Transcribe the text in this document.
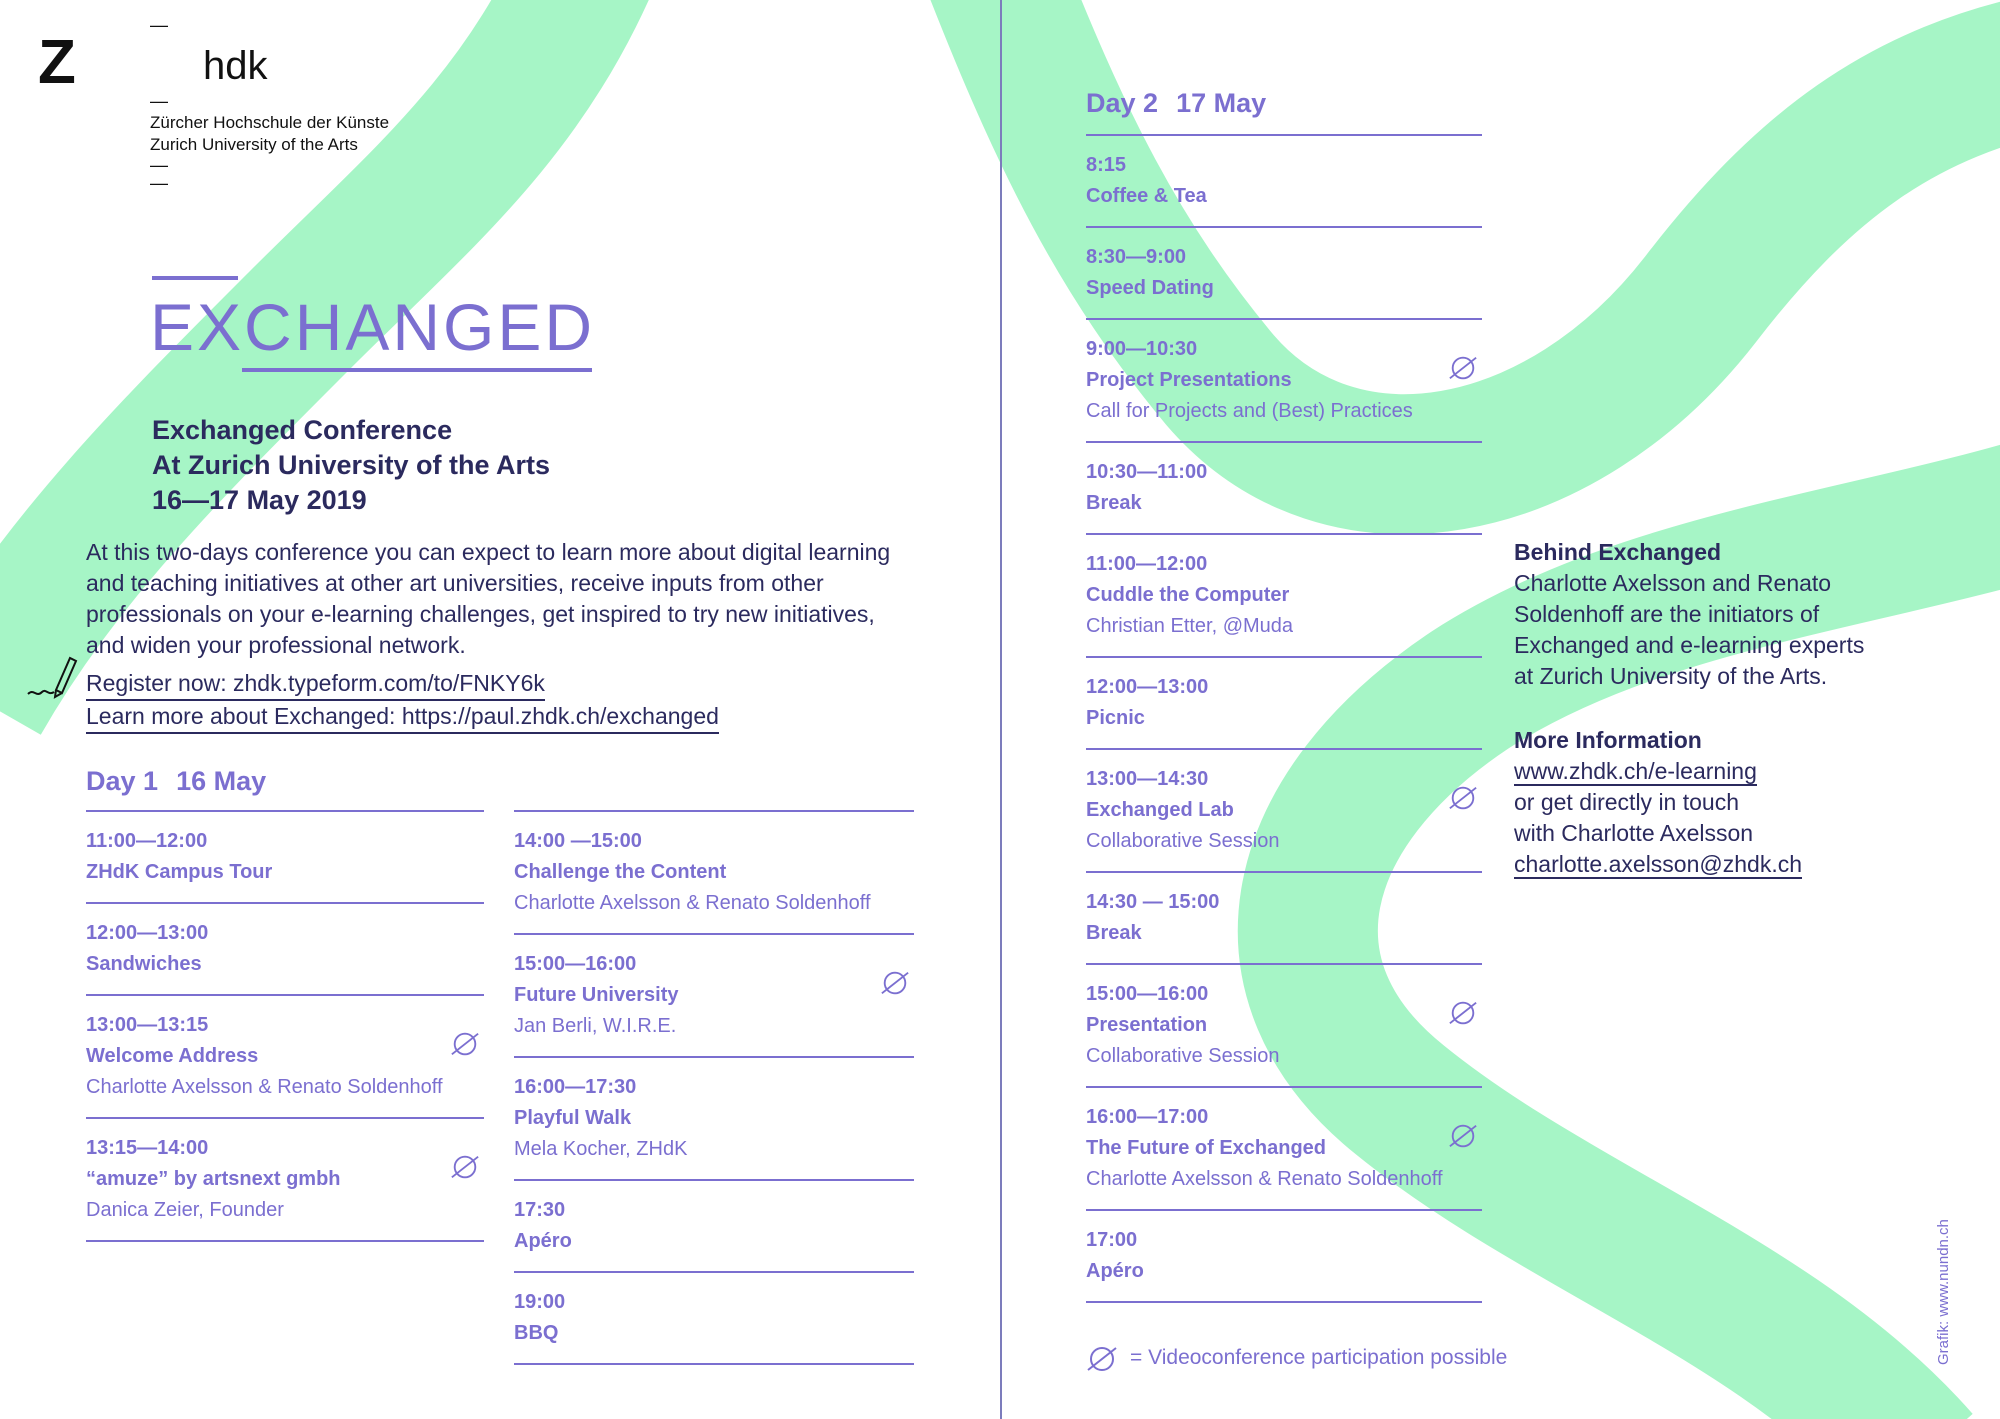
Z
—
hdk
—
Zürcher Hochschule der Künste
Zurich University of the Arts
—
—
EXCHANGED
Exchanged Conference
At Zurich University of the Arts
16—17 May 2019
At this two-days conference you can expect to learn more about digital learning and teaching initiatives at other art universities, receive inputs from other professionals on your e-learning challenges, get inspired to try new initiatives, and widen your professional network.
Register now: zhdk.typeform.com/to/FNKY6k
Learn more about Exchanged: https://paul.zhdk.ch/exchanged
Day 1 16 May
Day 2 17 May
Behind Exchanged
Charlotte Axelsson and Renato
Soldenhoff are the initiators of
Exchanged and e-learning experts
at Zurich University of the Arts.
More Information
www.zhdk.ch/e-learning
or get directly in touch
with Charlotte Axelsson
charlotte.axelsson@zhdk.ch
= Videoconference participation possible	Grafik: www.nundn.ch
11:00—12:00
ZHdK Campus Tour
12:00—13:00
Sandwiches
13:00—13:15
Welcome Address
Charlotte Axelsson & Renato Soldenhoff
13:15—14:00
“amuze” by artsnext gmbh
Danica Zeier, Founder
14:00 —15:00
Challenge the Content
Charlotte Axelsson & Renato Soldenhoff
15:00—16:00
Future University
Jan Berli, W.I.R.E.
16:00—17:30
Playful Walk
Mela Kocher, ZHdK
17:30
Apéro
19:00
BBQ
8:15
Coffee & Tea
8:30—9:00
Speed Dating
9:00—10:30
Project Presentations
Call for Projects and (Best) Practices
10:30—11:00
Break
11:00—12:00
Cuddle the Computer
Christian Etter, @Muda
12:00—13:00
Picnic
13:00—14:30
Exchanged Lab
Collaborative Session
14:30 — 15:00
Break
15:00—16:00
Presentation
Collaborative Session
16:00—17:00
The Future of Exchanged
Charlotte Axelsson & Renato Soldenhoff
17:00
Apéro
